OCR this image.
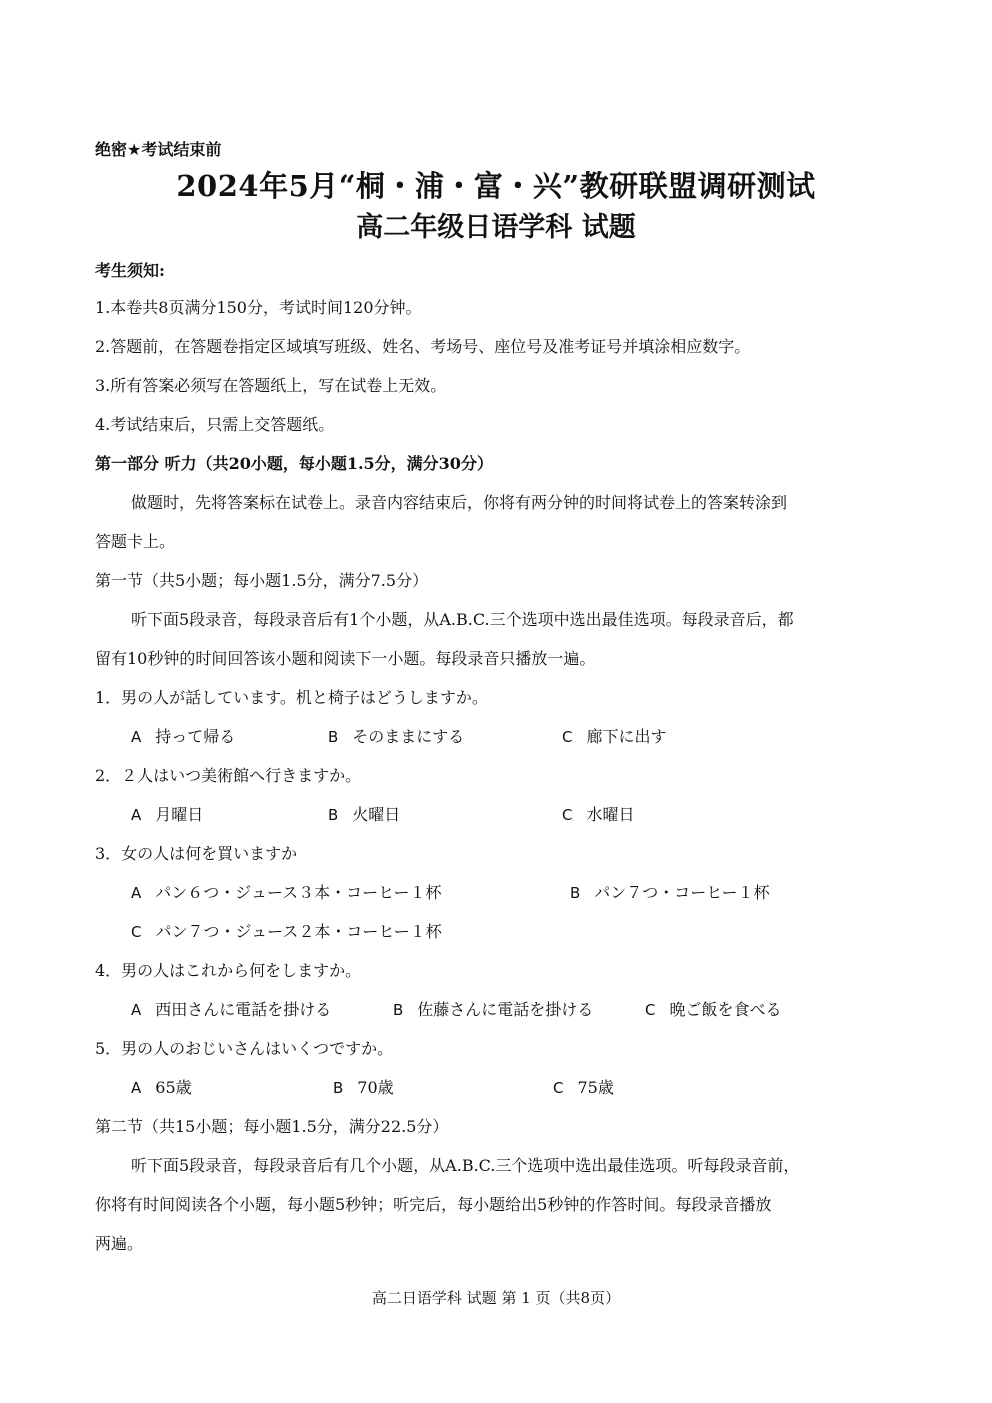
绝密★考试结束前
2024年5月“桐・浦・富・兴”教研联盟调研测试
高二年级日语学科 试题
考生须知:
1.本卷共8页满分150分，考试时间120分钟。
2.答题前，在答题卷指定区域填写班级、姓名、考场号、座位号及准考证号并填涂相应数字。
3.所有答案必须写在答题纸上，写在试卷上无效。
4.考试结束后，只需上交答题纸。
第一部分 听力（共20小题，每小题1.5分，满分30分）
做题时，先将答案标在试卷上。录音内容结束后，你将有两分钟的时间将试卷上的答案转涂到
答题卡上。
第一节（共5小题；每小题1.5分，满分7.5分）
听下面5段录音，每段录音后有1个小题，从A.B.C.三个选项中选出最佳选项。每段录音后，都
留有10秒钟的时间回答该小题和阅读下一小题。每段录音只播放一遍。
1．男の人が話しています。机と椅子はどうしますか。
A 持って帰る	B そのままにする	C 廊下に出す
2．２人はいつ美術館へ行きますか。
A 月曜日	B 火曜日	C 水曜日
3．女の人は何を買いますか
A パン６つ・ジュース３本・コーヒー１杯	B パン７つ・コーヒー１杯
C パン７つ・ジュース２本・コーヒー１杯
4．男の人はこれから何をしますか。
A 西田さんに電話を掛ける	B 佐藤さんに電話を掛ける	C 晩ご飯を食べる
5．男の人のおじいさんはいくつですか。
A 65歳	B 70歳	C 75歳
第二节（共15小题；每小题1.5分，满分22.5分）
听下面5段录音，每段录音后有几个小题，从A.B.C.三个选项中选出最佳选项。听每段录音前，
你将有时间阅读各个小题，每小题5秒钟；听完后，每小题给出5秒钟的作答时间。每段录音播放
两遍。
高二日语学科 试题 第 1 页（共8页）
